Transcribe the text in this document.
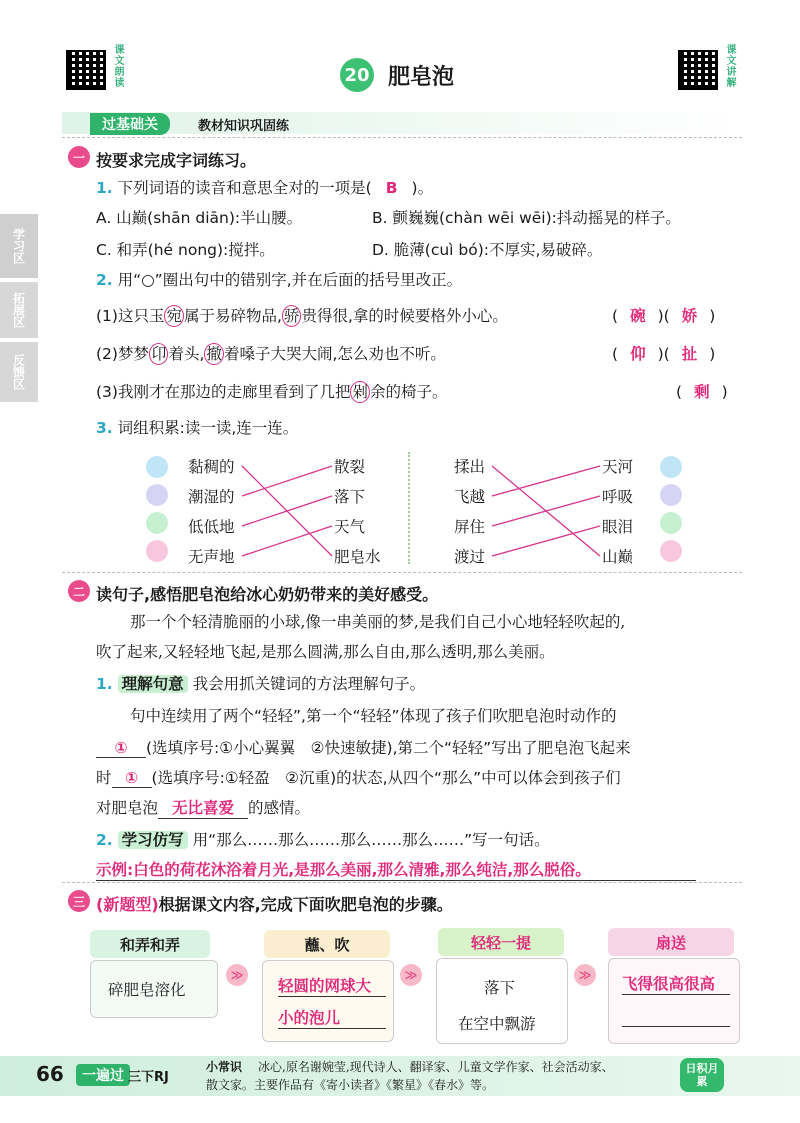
课文朗读	20 肥皂泡	课文讲解
过基础关	教材知识巩固练
学习区
拓展区
反馈区
一 按要求完成字词练习。
1. 下列词语的读音和意思全对的一项是( B )。
A. 山巅(shān diān):半山腰。	B. 颤巍巍(chàn wēi wēi):抖动摇晃的样子。
C. 和弄(hé nong):搅拌。	D. 脆薄(cuì bó):不厚实,易破碎。
2. 用“○”圈出句中的错别字,并在后面的括号里改正。
(1)这只玉 宛 属于易碎物品, 骄 贵得很,拿的时候要格外小心。	( 碗 )( 娇 )
(2)梦梦 卬 着头, 撤 着嗓子大哭大闹,怎么劝也不听。	( 仰 )( 扯 )
(3)我刚才在那边的走廊里看到了几把 剁 余的椅子。	( 剩 )
3. 词组积累:读一读,连一连。
黏稠的
潮湿的
低低地
无声地
散裂
落下
天气
肥皂水
揉出
飞越
屏住
渡过
天河
呼吸
眼泪
山巅
二 读句子,感悟肥皂泡给冰心奶奶带来的美好感受。
那一个个轻清脆丽的小球,像一串美丽的梦,是我们自己小心地轻轻吹起的,
吹了起来,又轻轻地飞起,是那么圆满,那么自由,那么透明,那么美丽。
1. 理解句意 我会用抓关键词的方法理解句子。
句中连续用了两个“轻轻”,第一个“轻轻”体现了孩子们吹肥皂泡时动作的
① (选填序号:①小心翼翼　②快速敏捷),第二个“轻轻”写出了肥皂泡飞起来
时 ① (选填序号:①轻盈　②沉重)的状态,从四个“那么”中可以体会到孩子们
对肥皂泡 无比喜爱 的感情。
2. 学习仿写 用“那么……那么……那么……那么……”写一句话。
示例:白色的荷花沐浴着月光,是那么美丽,那么清雅,那么纯洁,那么脱俗。
三 (新题型)根据课文内容,完成下面吹肥皂泡的步骤。
和弄和弄
碎肥皂溶化
≫
蘸、吹
轻圆的网球大
小的泡儿
≫
轻轻一提
落下
在空中飘游
≫
扇送
飞得很高很高
66	一遍过 三下RJ
小常识 冰心,原名谢婉莹,现代诗人、翻译家、儿童文学作家、社会活动家、
散文家。主要作品有《寄小读者》《繁星》《春水》等。
日积月累
